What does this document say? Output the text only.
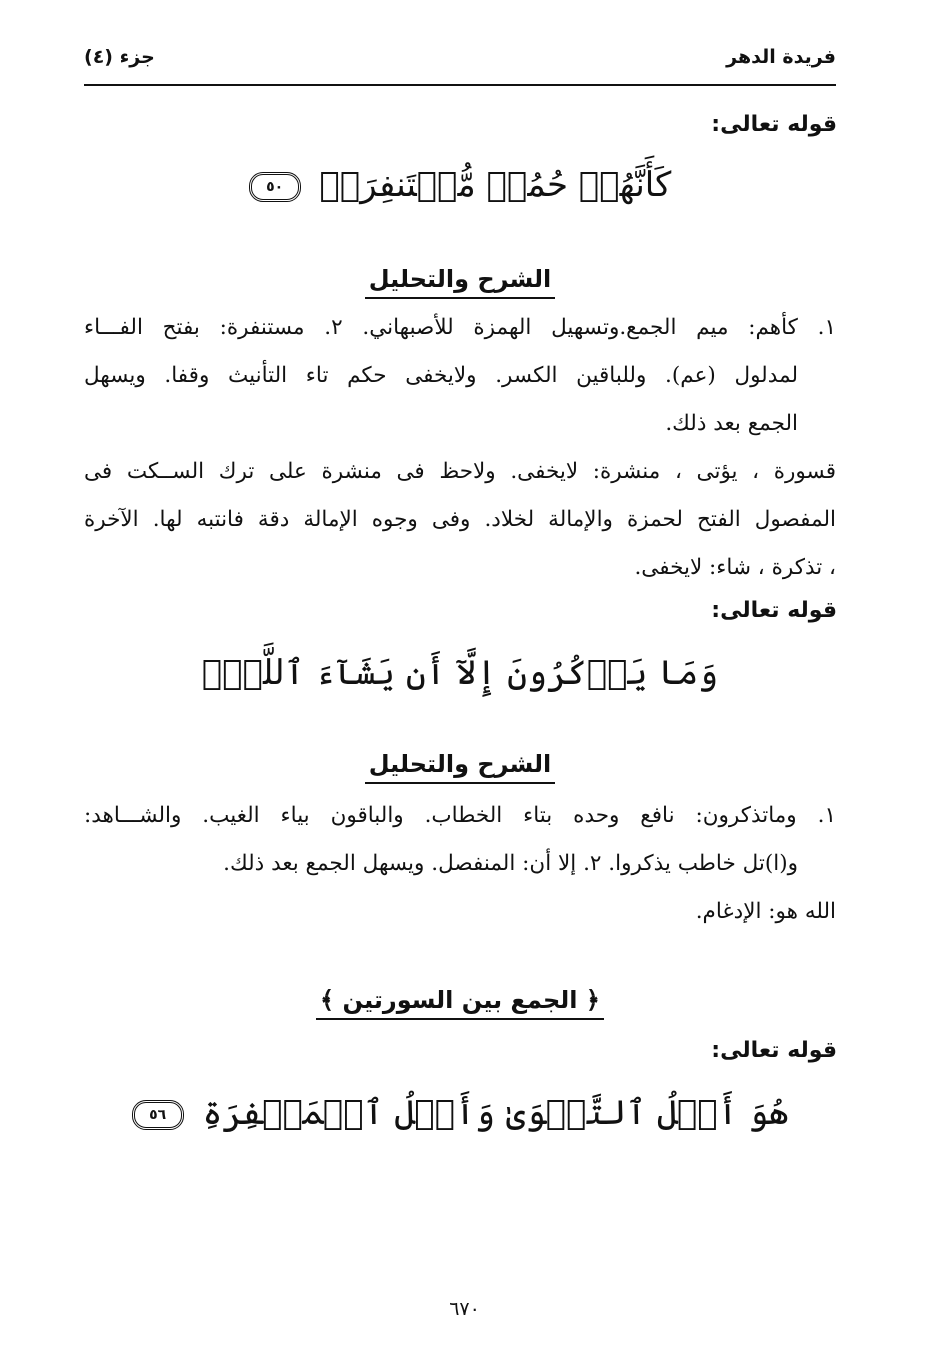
فريدة الدهر
جزء (٤)
قوله تعالى:
كَأَنَّهُمۡ حُمُرٞ مُّسۡتَنفِرَةٞ ٥٠
الشرح والتحليل
١. كأهم: ميم الجمع.وتسهيل الهمزة للأصبهاني. ٢. مستنفرة: بفتح الفـــاء
لمدلول (عم). وللباقين الكسر. ولايخفى حكم تاء التأنيث وقفا. ويسهل
الجمع بعد ذلك.
قسورة ، يؤتى ، منشرة: لايخفى. ولاحظ فى منشرة على ترك الســكت فى
المفصول الفتح لحمزة والإمالة لخلاد. وفى وجوه الإمالة دقة فانتبه لها. الآخرة
، تذكرة ، شاء: لايخفى.
قوله تعالى:
وَمَا يَذۡكُرُونَ إِلَّآ أَن يَشَآءَ ٱللَّهُۚ
الشرح والتحليل
١. وماتذكرون: نافع وحده بتاء الخطاب. والباقون بياء الغيب. والشـــاهد:
و(ا)تل خاطب يذكروا. ٢. إلا أن: المنفصل. ويسهل الجمع بعد ذلك.
الله هو: الإدغام.
﴿ الجمع بين السورتين ﴾
قوله تعالى:
هُوَ أَهۡلُ ٱلتَّقۡوَىٰ وَأَهۡلُ ٱلۡمَغۡفِرَةِ ٥٦
٦٧٠
